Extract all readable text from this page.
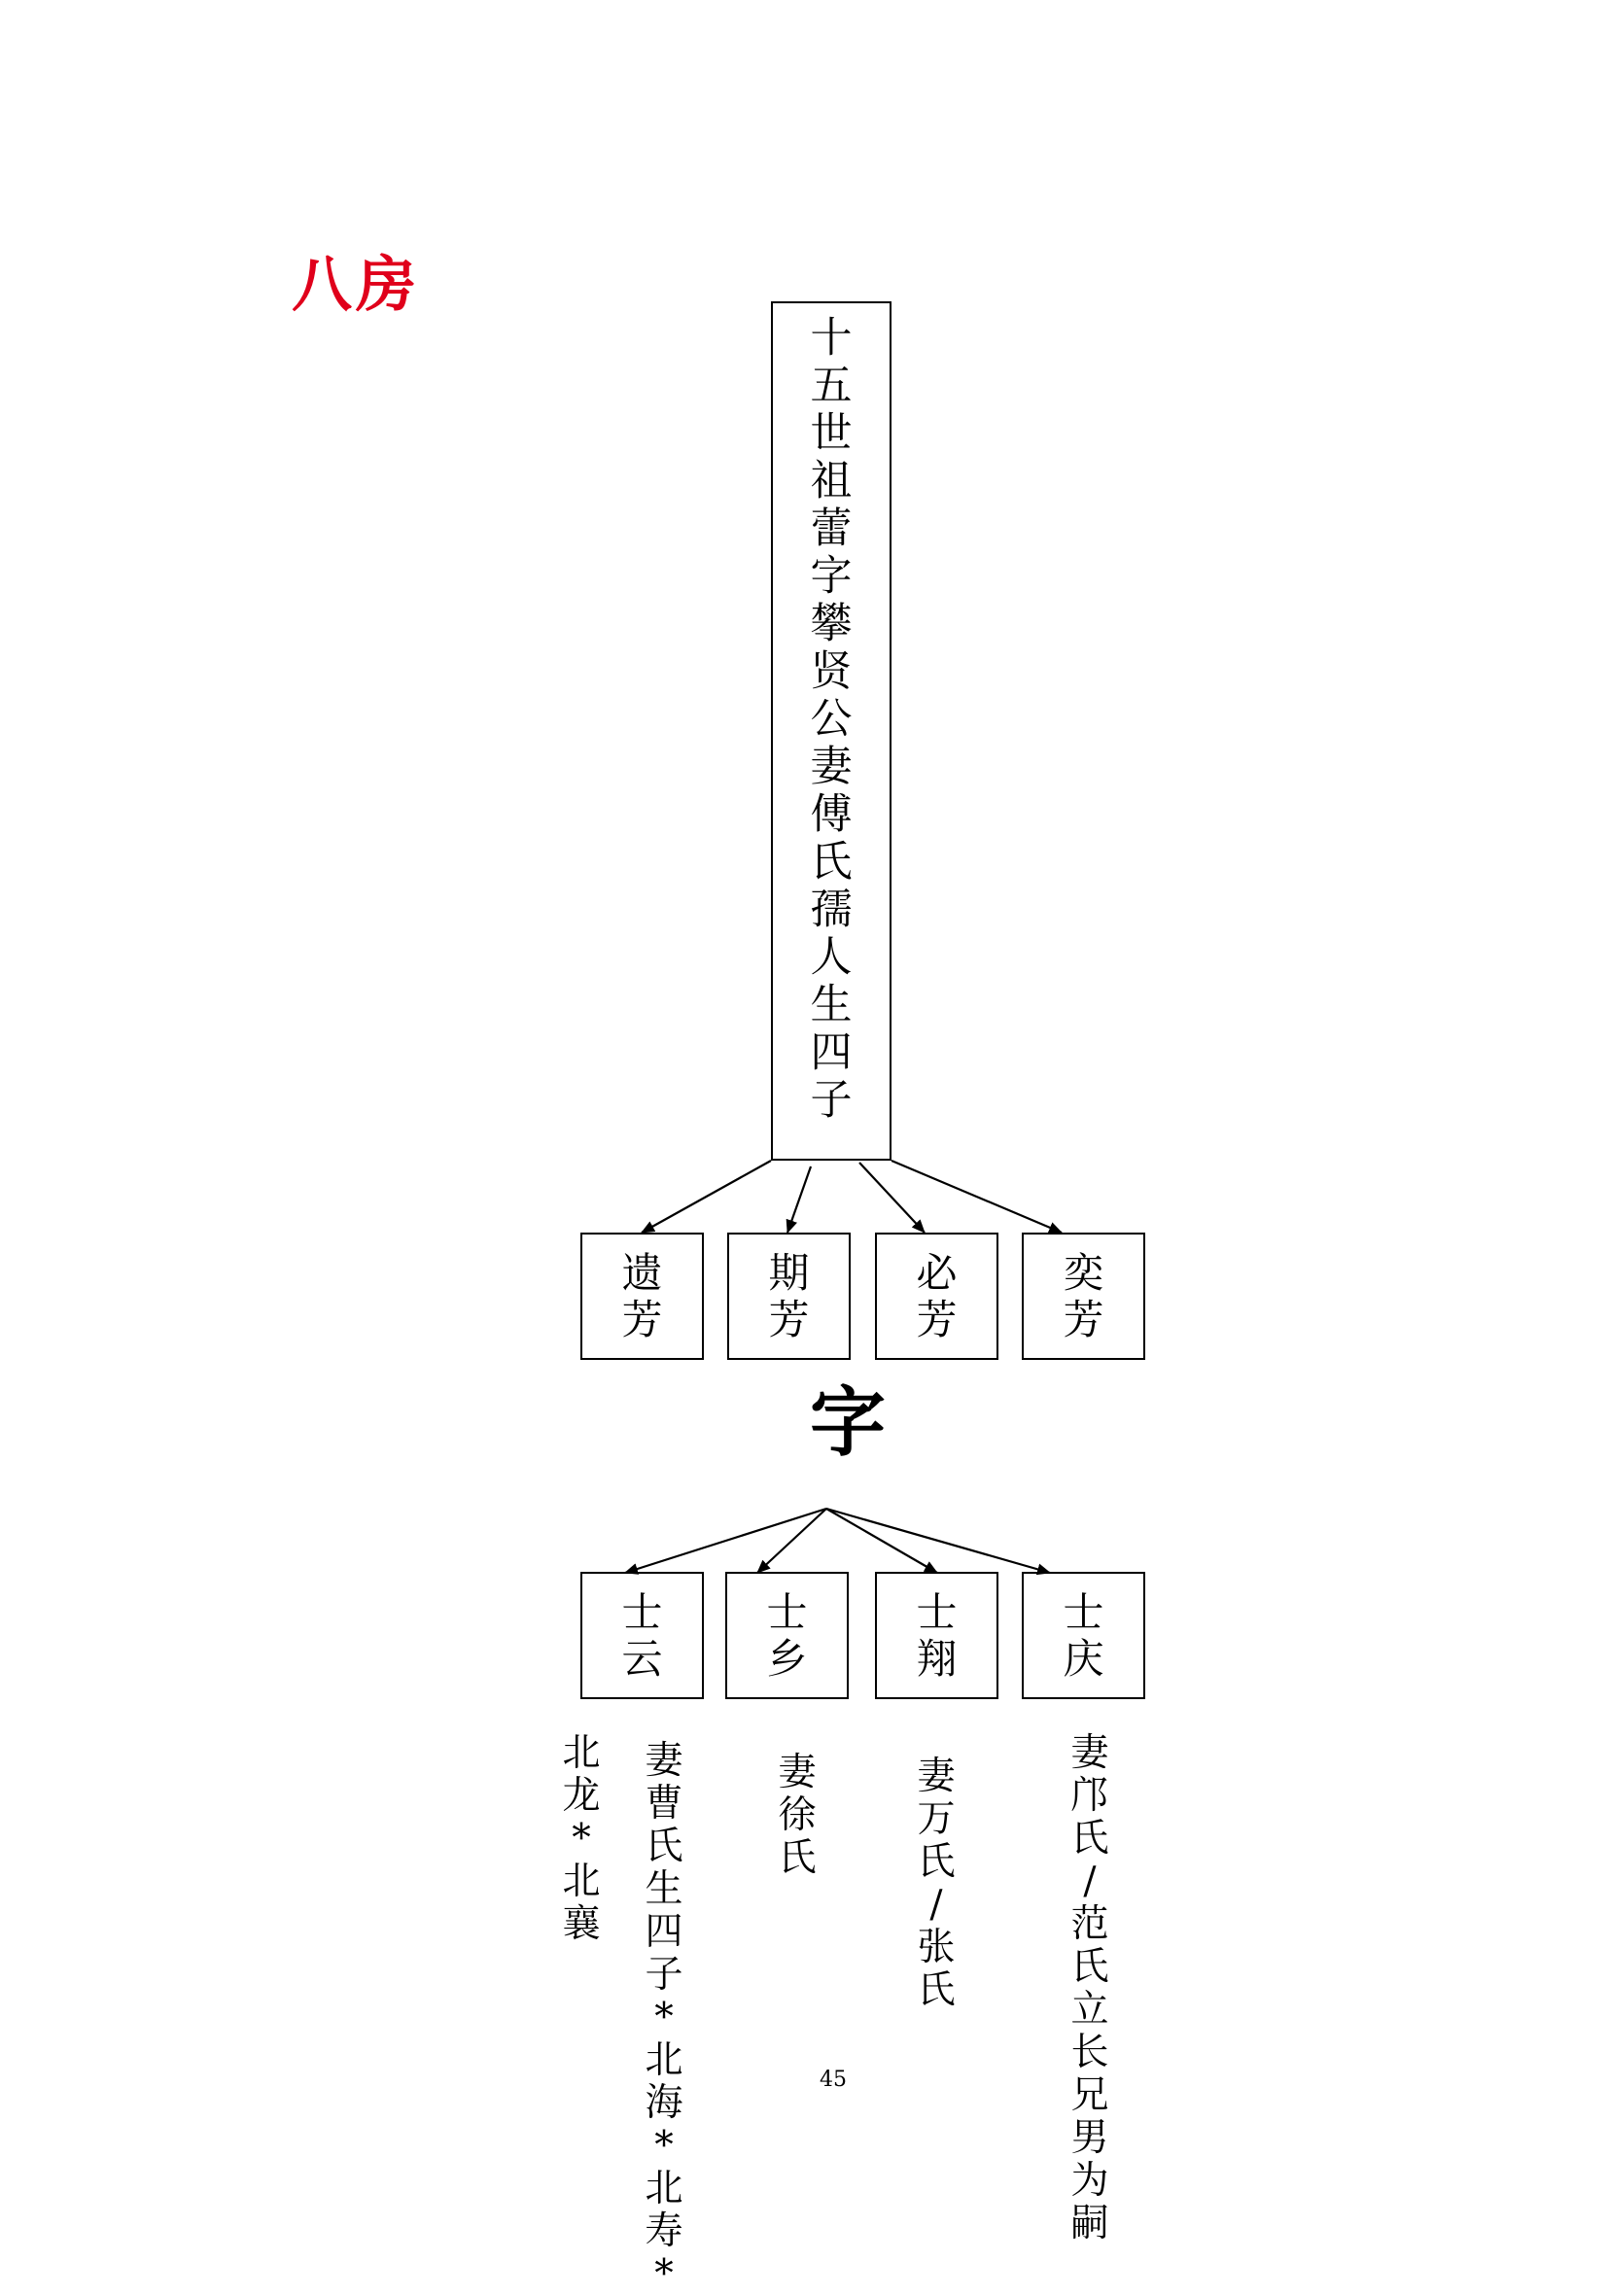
八房
十
五
世
祖
蕾
字
攀
贤
公
妻
傅
氏
孺
人
生
四
子
遗
芳
期
芳
必
芳
奕
芳
字
士
云
士
乡
士
翔
士
庆
北
龙
*
北
襄
妻
曹
氏
生
四
子
*
北
海
*
北
寿
*
妻
徐
氏
妻
万
氏
/
张
氏
妻
邝
氏
/
范
氏
立
长
兄
男
为
嗣
45
